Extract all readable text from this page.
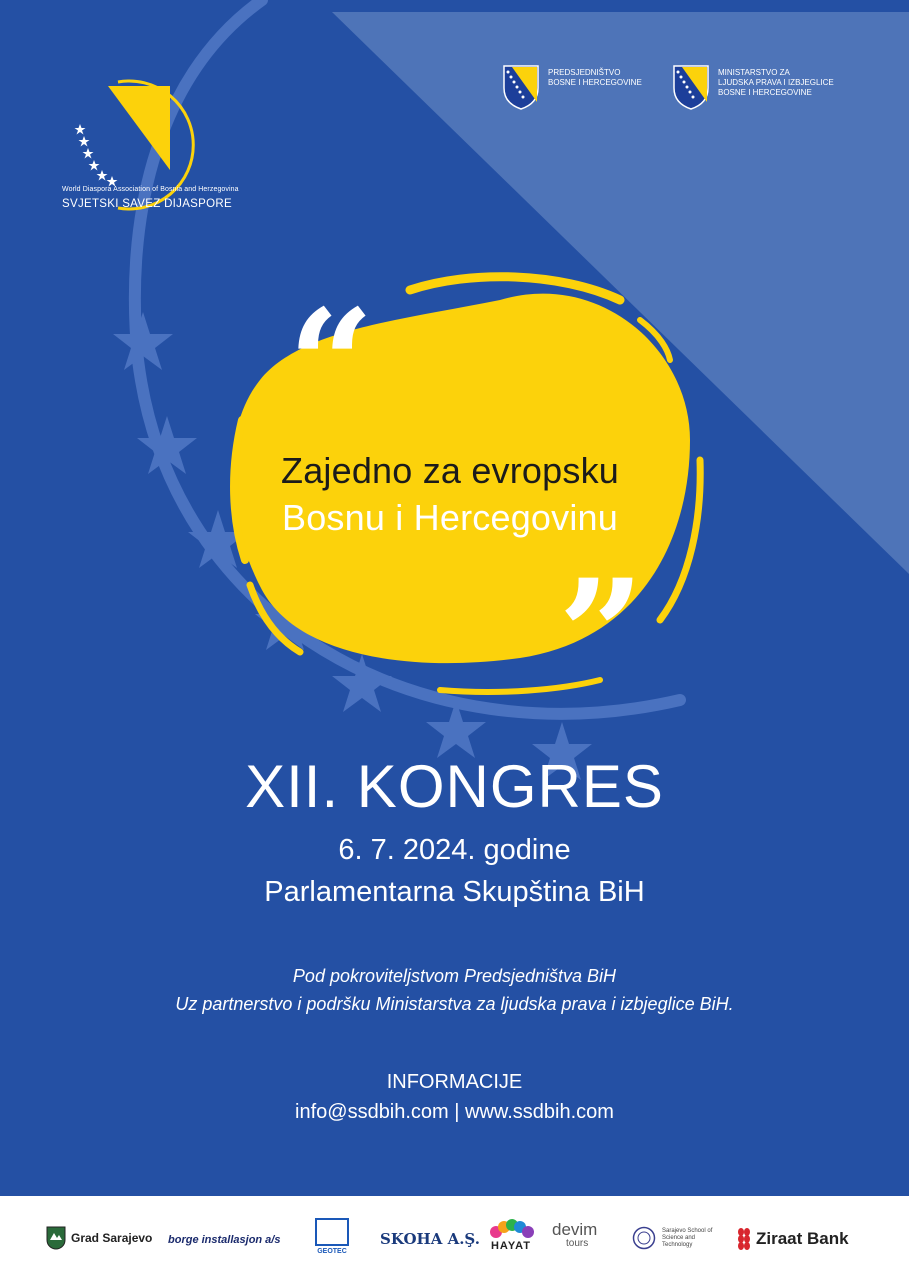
World Diaspora Association of Bosnia and Herzegovina
SVJETSKI SAVEZ DIJASPORE
PREDSJEDNIŠTVO
BOSNE I HERCEGOVINE
MINISTARSTVO ZA
LJUDSKA PRAVA I IZBJEGLICE
BOSNE I HERCEGOVINE
“
Zajedno za evropsku
Bosnu i Hercegovinu
”
XII. KONGRES
6. 7. 2024. godine
Parlamentarna Skupština BiH
Pod pokroviteljstvom Predsjedništva BiH
Uz partnerstvo i podršku Ministarstva za ljudska prava i izbjeglice BiH.
INFORMACIJE
info@ssdbih.com | www.ssdbih.com
Grad Sarajevo borge installasjon a/s
GEOTEC
SKOHA A.Ş. HAYAT
devim
tours
Sarajevo School of Science and Technology	Ziraat Bank
